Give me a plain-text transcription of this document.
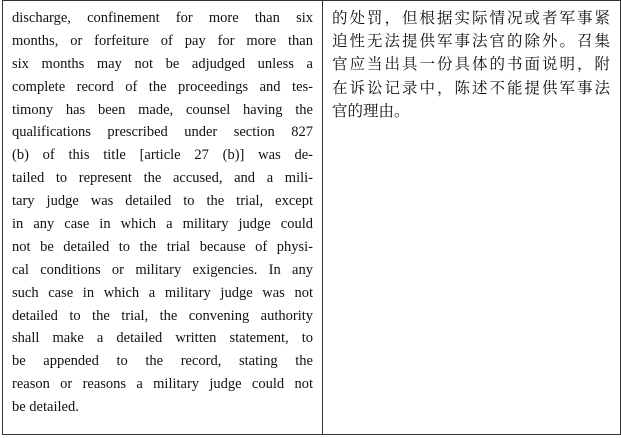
discharge, confinement for more than six
months, or forfeiture of pay for more than
six months may not be adjudged unless a
complete record of the proceedings and tes-
timony has been made, counsel having the
qualifications prescribed under section 827
(b) of this title [article 27 (b)] was de-
tailed to represent the accused, and a mili-
tary judge was detailed to the trial, except
in any case in which a military judge could
not be detailed to the trial because of physi-
cal conditions or military exigencies. In any
such case in which a military judge was not
detailed to the trial, the convening authority
shall make a detailed written statement, to
be appended to the record, stating the
reason or reasons a military judge could not
be detailed.

的处罚，但根据实际情况或者军事紧
迫性无法提供军事法官的除外。召集
官应当出具一份具体的书面说明，附
在诉讼记录中，陈述不能提供军事法
官的理由。
